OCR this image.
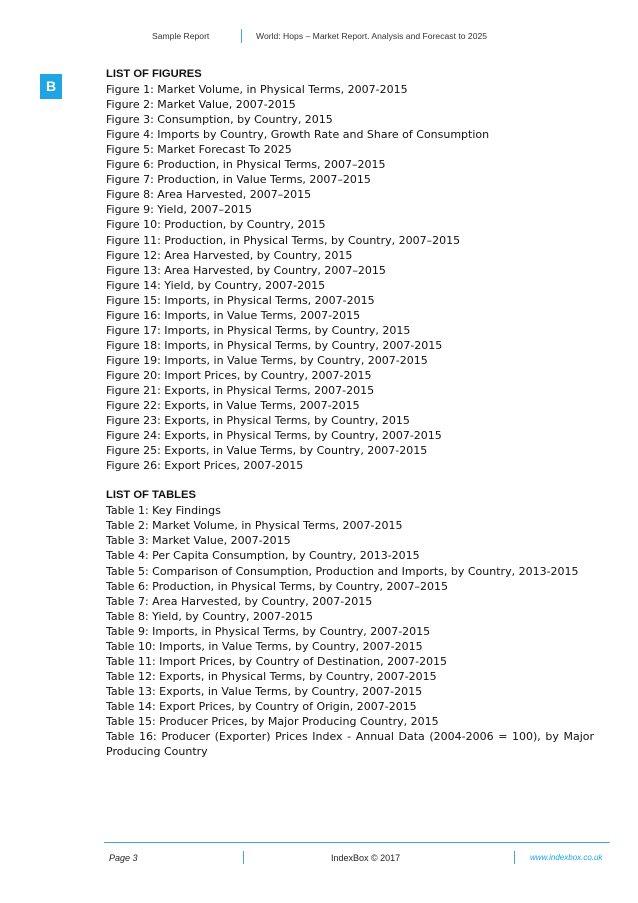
Sample Report	World: Hops – Market Report. Analysis and Forecast to 2025
B
LIST OF FIGURES
Figure 1: Market Volume, in Physical Terms, 2007-2015
Figure 2: Market Value, 2007-2015
Figure 3: Consumption, by Country, 2015
Figure 4: Imports by Country, Growth Rate and Share of Consumption
Figure 5: Market Forecast To 2025
Figure 6: Production, in Physical Terms, 2007–2015
Figure 7: Production, in Value Terms, 2007–2015
Figure 8: Area Harvested, 2007–2015
Figure 9: Yield, 2007–2015
Figure 10: Production, by Country, 2015
Figure 11: Production, in Physical Terms, by Country, 2007–2015
Figure 12: Area Harvested, by Country, 2015
Figure 13: Area Harvested, by Country, 2007–2015
Figure 14: Yield, by Country, 2007-2015
Figure 15: Imports, in Physical Terms, 2007-2015
Figure 16: Imports, in Value Terms, 2007-2015
Figure 17: Imports, in Physical Terms, by Country, 2015
Figure 18: Imports, in Physical Terms, by Country, 2007-2015
Figure 19: Imports, in Value Terms, by Country, 2007-2015
Figure 20: Import Prices, by Country, 2007-2015
Figure 21: Exports, in Physical Terms, 2007-2015
Figure 22: Exports, in Value Terms, 2007-2015
Figure 23: Exports, in Physical Terms, by Country, 2015
Figure 24: Exports, in Physical Terms, by Country, 2007-2015
Figure 25: Exports, in Value Terms, by Country, 2007-2015
Figure 26: Export Prices, 2007-2015
LIST OF TABLES
Table 1: Key Findings
Table 2: Market Volume, in Physical Terms, 2007-2015
Table 3: Market Value, 2007-2015
Table 4: Per Capita Consumption, by Country, 2013-2015
Table 5: Comparison of Consumption, Production and Imports, by Country, 2013-2015
Table 6: Production, in Physical Terms, by Country, 2007–2015
Table 7: Area Harvested, by Country, 2007-2015
Table 8: Yield, by Country, 2007-2015
Table 9: Imports, in Physical Terms, by Country, 2007-2015
Table 10: Imports, in Value Terms, by Country, 2007-2015
Table 11: Import Prices, by Country of Destination, 2007-2015
Table 12: Exports, in Physical Terms, by Country, 2007-2015
Table 13: Exports, in Value Terms, by Country, 2007-2015
Table 14: Export Prices, by Country of Origin, 2007-2015
Table 15: Producer Prices, by Major Producing Country, 2015
Table 16: Producer (Exporter) Prices Index - Annual Data (2004-2006 = 100), by Major Producing Country
Page 3	IndexBox © 2017	www.indexbox.co.uk
